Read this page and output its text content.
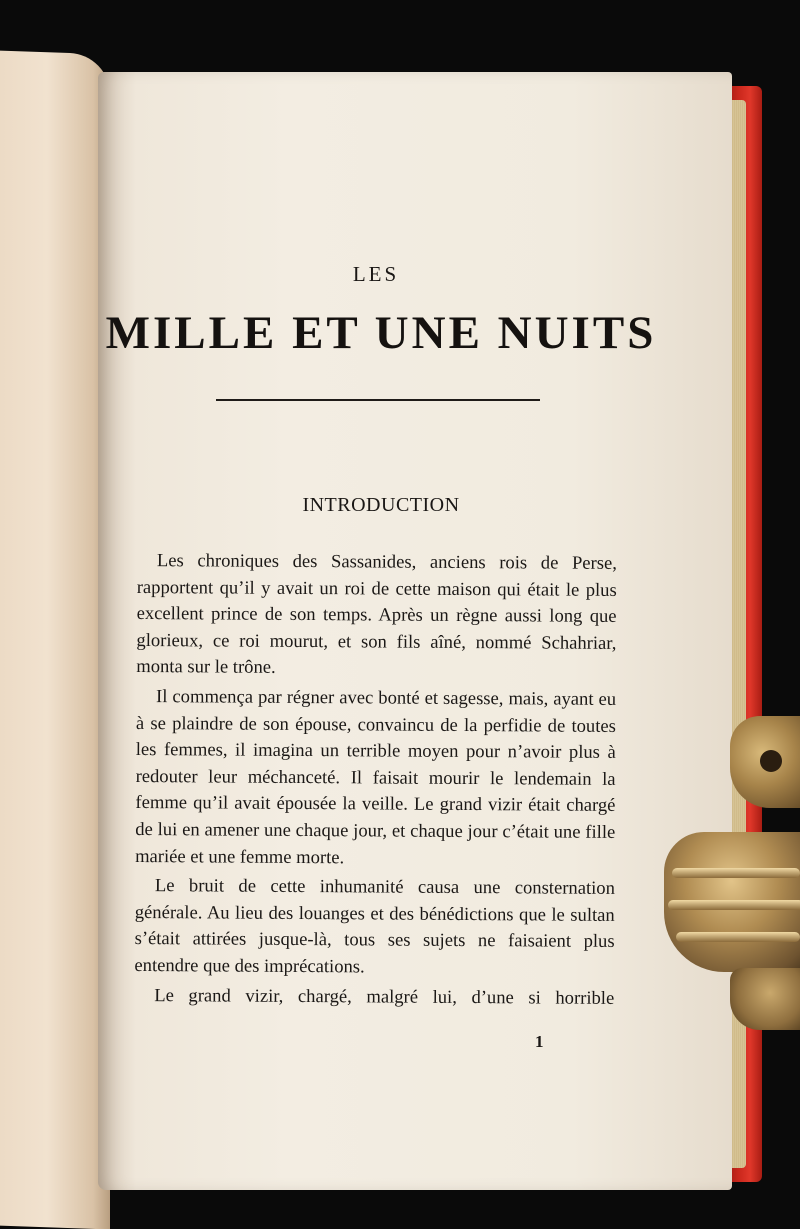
LES
MILLE ET UNE NUITS
INTRODUCTION

Les chroniques des Sassanides, anciens rois de Perse, rapportent qu’il y avait un roi de cette maison qui était le plus excellent prince de son temps. Après un règne aussi long que glorieux, ce roi mourut, et son fils aîné, nommé Schahriar, monta sur le trône.

Il commença par régner avec bonté et sagesse, mais, ayant eu à se plaindre de son épouse, convaincu de la perfidie de toutes les femmes, il imagina un terrible moyen pour n’avoir plus à redouter leur méchanceté. Il faisait mourir le lendemain la femme qu’il avait épousée la veille. Le grand vizir était chargé de lui en amener une chaque jour, et chaque jour c’était une fille mariée et une femme morte.

Le bruit de cette inhumanité causa une consternation générale. Au lieu des louanges et des bénédictions que le sultan s’était attirées jusque-là, tous ses sujets ne faisaient plus entendre que des imprécations.

Le grand vizir, chargé, malgré lui, d’une si horrible

1
